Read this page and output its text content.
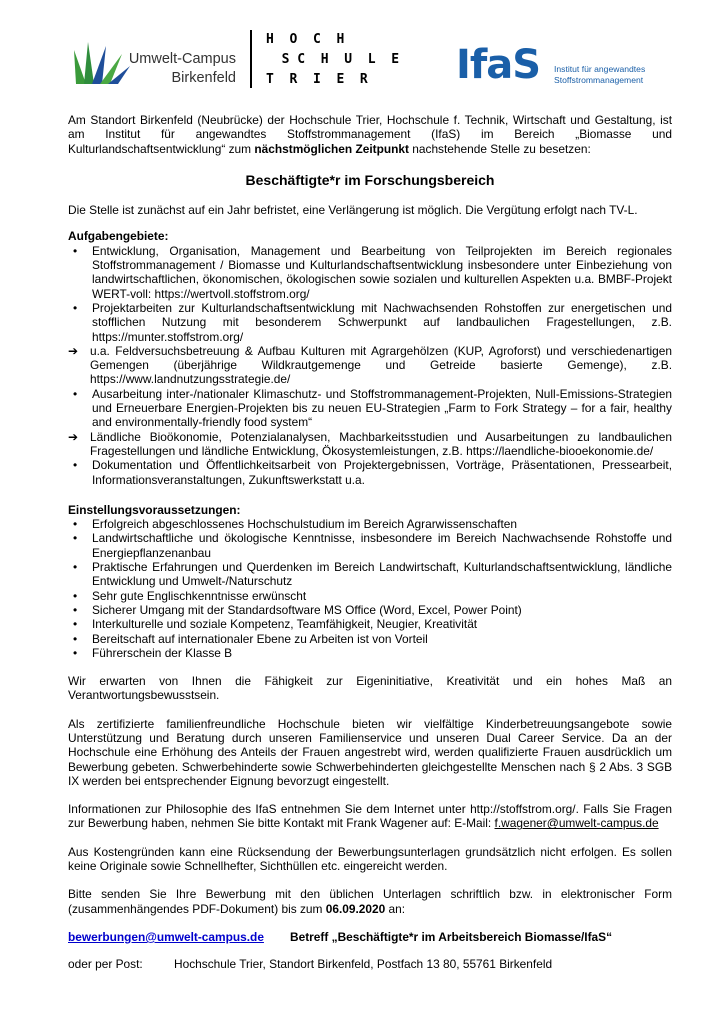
Umwelt-Campus
Birkenfeld
H  O  C  H
S C  H  U  L  E
T  R  I  E  R	IfaS Institut für angewandtes
Stoffstrommanagement

Am Standort Birkenfeld (Neubrücke) der Hochschule Trier, Hochschule f. Technik, Wirtschaft und Gestaltung, ist am Institut für angewandtes Stoffstrommanagement (IfaS) im Bereich „Biomasse und Kulturlandschaftsentwicklung“ zum nächstmöglichen Zeitpunkt nachstehende Stelle zu besetzen:

Beschäftigte*r im Forschungsbereich

Die Stelle ist zunächst auf ein Jahr befristet, eine Verlängerung ist möglich. Die Vergütung erfolgt nach TV-L.

Aufgabengebiete:

•	Entwicklung, Organisation, Management und Bearbeitung von Teilprojekten im Bereich regionales Stoffstrommanagement / Biomasse und Kulturlandschaftsentwicklung insbesondere unter Einbeziehung von landwirtschaftlichen, ökonomischen, ökologischen sowie sozialen und kulturellen Aspekten u.a. BMBF-Projekt WERT-voll: https://wertvoll.stoffstrom.org/
•	Projektarbeiten zur Kulturlandschaftsentwicklung mit Nachwachsenden Rohstoffen zur energetischen und stofflichen Nutzung mit besonderem Schwerpunkt auf landbaulichen Fragestellungen, z.B. https://munter.stoffstrom.org/
➔	u.a. Feldversuchsbetreuung & Aufbau Kulturen mit Agrargehölzen (KUP, Agroforst) und verschiedenartigen Gemengen (überjährige Wildkrautgemenge und Getreide basierte Gemenge), z.B. https://www.landnutzungsstrategie.de/
•	Ausarbeitung inter-/nationaler Klimaschutz- und Stoffstrommanagement-Projekten, Null-Emissions-Strategien und Erneuerbare Energien-Projekten bis zu neuen EU-Strategien „Farm to Fork Strategy – for a fair, healthy and environmentally-friendly food system“
➔	Ländliche Bioökonomie, Potenzialanalysen, Machbarkeitsstudien und Ausarbeitungen zu landbaulichen Fragestellungen und ländliche Entwicklung, Ökosystemleistungen, z.B. https://laendliche-biooekonomie.de/
•	Dokumentation und Öffentlichkeitsarbeit von Projektergebnissen, Vorträge, Präsentationen, Pressearbeit, Informationsveranstaltungen, Zukunftswerkstatt u.a.

Einstellungsvoraussetzungen:

•	Erfolgreich abgeschlossenes Hochschulstudium im Bereich Agrarwissenschaften
•	Landwirtschaftliche und ökologische Kenntnisse, insbesondere im Bereich Nachwachsende Rohstoffe und Energiepflanzenanbau
•	Praktische Erfahrungen und Querdenken im Bereich Landwirtschaft, Kulturlandschaftsentwicklung, ländliche Entwicklung und Umwelt-/Naturschutz
•	Sehr gute Englischkenntnisse erwünscht
•	Sicherer Umgang mit der Standardsoftware MS Office (Word, Excel, Power Point)
•	Interkulturelle und soziale Kompetenz, Teamfähigkeit, Neugier, Kreativität
•	Bereitschaft auf internationaler Ebene zu Arbeiten ist von Vorteil
•	Führerschein der Klasse B

Wir erwarten von Ihnen die Fähigkeit zur Eigeninitiative, Kreativität und ein hohes Maß an Verantwortungsbewusstsein.

Als zertifizierte familienfreundliche Hochschule bieten wir vielfältige Kinderbetreuungsangebote sowie Unterstützung und Beratung durch unseren Familienservice und unseren Dual Career Service. Da an der Hochschule eine Erhöhung des Anteils der Frauen angestrebt wird, werden qualifizierte Frauen ausdrücklich um Bewerbung gebeten. Schwerbehinderte sowie Schwerbehinderten gleichgestellte Menschen nach § 2 Abs. 3 SGB IX werden bei entsprechender Eignung bevorzugt eingestellt.

Informationen zur Philosophie des IfaS entnehmen Sie dem Internet unter http://stoffstrom.org/. Falls Sie Fragen zur Bewerbung haben, nehmen Sie bitte Kontakt mit Frank Wagener auf: E-Mail: f.wagener@umwelt-campus.de

Aus Kostengründen kann eine Rücksendung der Bewerbungsunterlagen grundsätzlich nicht erfolgen. Es sollen keine Originale sowie Schnellhefter, Sichthüllen etc. eingereicht werden.

Bitte senden Sie Ihre Bewerbung mit den üblichen Unterlagen schriftlich bzw. in elektronischer Form (zusammenhängendes PDF-Dokument) bis zum 06.09.2020 an:

bewerbungen@umwelt-campus.de	Betreff „Beschäftigte*r im Arbeitsbereich Biomasse/IfaS“
oder per Post:	Hochschule Trier, Standort Birkenfeld, Postfach 13 80, 55761 Birkenfeld
